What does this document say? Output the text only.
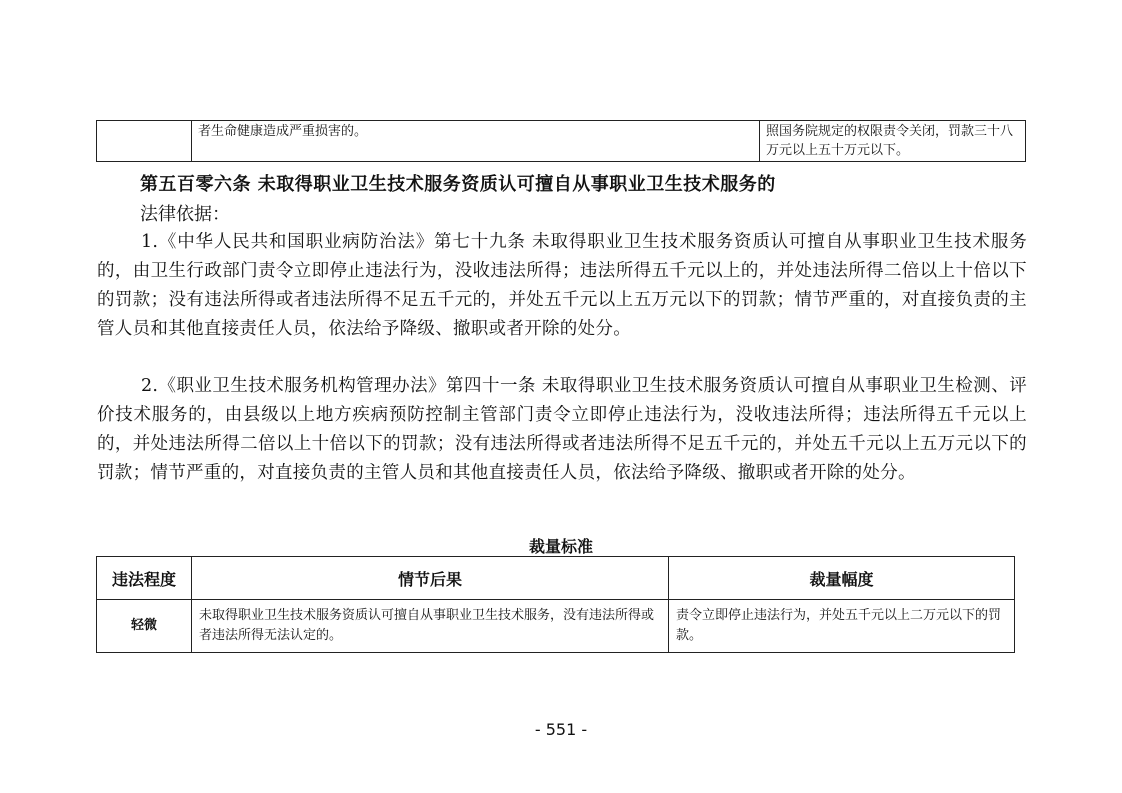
	者生命健康造成严重损害的。	照国务院规定的权限责令关闭，罚款三十八万元以上五十万元以下。
第五百零六条 未取得职业卫生技术服务资质认可擅自从事职业卫生技术服务的
法律依据：
1.《中华人民共和国职业病防治法》第七十九条 未取得职业卫生技术服务资质认可擅自从事职业卫生技术服务的，由卫生行政部门责令立即停止违法行为，没收违法所得；违法所得五千元以上的，并处违法所得二倍以上十倍以下的罚款；没有违法所得或者违法所得不足五千元的，并处五千元以上五万元以下的罚款；情节严重的，对直接负责的主管人员和其他直接责任人员，依法给予降级、撤职或者开除的处分。
2.《职业卫生技术服务机构管理办法》第四十一条 未取得职业卫生技术服务资质认可擅自从事职业卫生检测、评价技术服务的，由县级以上地方疾病预防控制主管部门责令立即停止违法行为，没收违法所得；违法所得五千元以上的，并处违法所得二倍以上十倍以下的罚款；没有违法所得或者违法所得不足五千元的，并处五千元以上五万元以下的罚款；情节严重的，对直接负责的主管人员和其他直接责任人员，依法给予降级、撤职或者开除的处分。
裁量标准
违法程度	情节后果	裁量幅度
轻微	未取得职业卫生技术服务资质认可擅自从事职业卫生技术服务，没有违法所得或者违法所得无法认定的。	责令立即停止违法行为，并处五千元以上二万元以下的罚款。
- 551 -
